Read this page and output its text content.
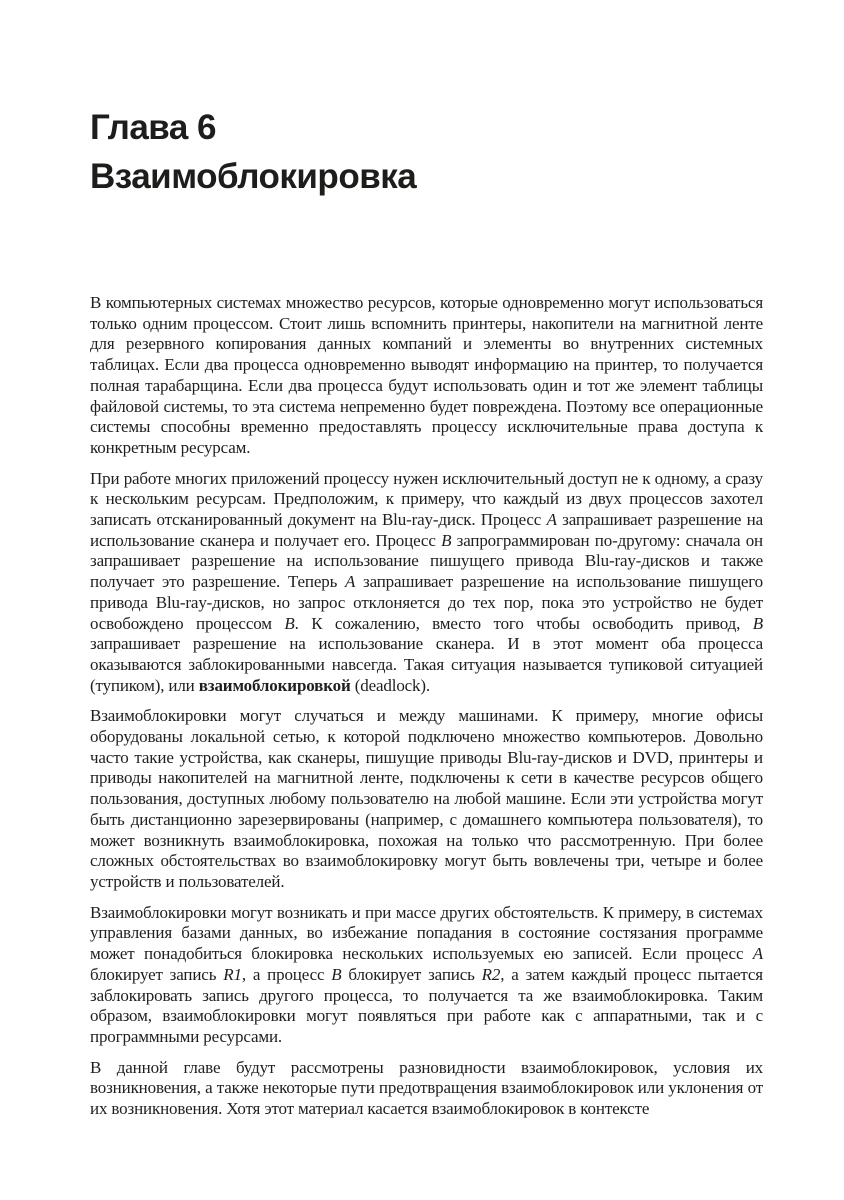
Глава 6
Взаимоблокировка

В компьютерных системах множество ресурсов, которые одновременно могут использоваться только одним процессом. Стоит лишь вспомнить принтеры, накопители на магнитной ленте для резервного копирования данных компаний и элементы во внутренних системных таблицах. Если два процесса одновременно выводят информацию на принтер, то получается полная тарабарщина. Если два процесса будут использовать один и тот же элемент таблицы файловой системы, то эта система непременно будет повреждена. Поэтому все операционные системы способны временно предоставлять процессу исключительные права доступа к конкретным ресурсам.

При работе многих приложений процессу нужен исключительный доступ не к одному, а сразу к нескольким ресурсам. Предположим, к примеру, что каждый из двух процессов захотел записать отсканированный документ на Blu-ray-диск. Процесс A запрашивает разрешение на использование сканера и получает его. Процесс B запрограммирован по-другому: сначала он запрашивает разрешение на использование пишущего привода Blu-ray-дисков и также получает это разрешение. Теперь A запрашивает разрешение на использование пишущего привода Blu-ray-дисков, но запрос отклоняется до тех пор, пока это устройство не будет освобождено процессом B. К сожалению, вместо того чтобы освободить привод, B запрашивает разрешение на использование сканера. И в этот момент оба процесса оказываются заблокированными навсегда. Такая ситуация называется тупиковой ситуацией (тупиком), или взаимоблокировкой (deadlock).

Взаимоблокировки могут случаться и между машинами. К примеру, многие офисы оборудованы локальной сетью, к которой подключено множество компьютеров. Довольно часто такие устройства, как сканеры, пишущие приводы Blu-ray-дисков и DVD, принтеры и приводы накопителей на магнитной ленте, подключены к сети в качестве ресурсов общего пользования, доступных любому пользователю на любой машине. Если эти устройства могут быть дистанционно зарезервированы (например, с домашнего компьютера пользователя), то может возникнуть взаимоблокировка, похожая на только что рассмотренную. При более сложных обстоятельствах во взаимоблокировку могут быть вовлечены три, четыре и более устройств и пользователей.

Взаимоблокировки могут возникать и при массе других обстоятельств. К примеру, в системах управления базами данных, во избежание попадания в состояние состязания программе может понадобиться блокировка нескольких используемых ею записей. Если процесс A блокирует запись R1, а процесс B блокирует запись R2, а затем каждый процесс пытается заблокировать запись другого процесса, то получается та же взаимоблокировка. Таким образом, взаимоблокировки могут появляться при работе как с аппаратными, так и с программными ресурсами.

В данной главе будут рассмотрены разновидности взаимоблокировок, условия их возникновения, а также некоторые пути предотвращения взаимоблокировок или уклонения от их возникновения. Хотя этот материал касается взаимоблокировок в контексте
